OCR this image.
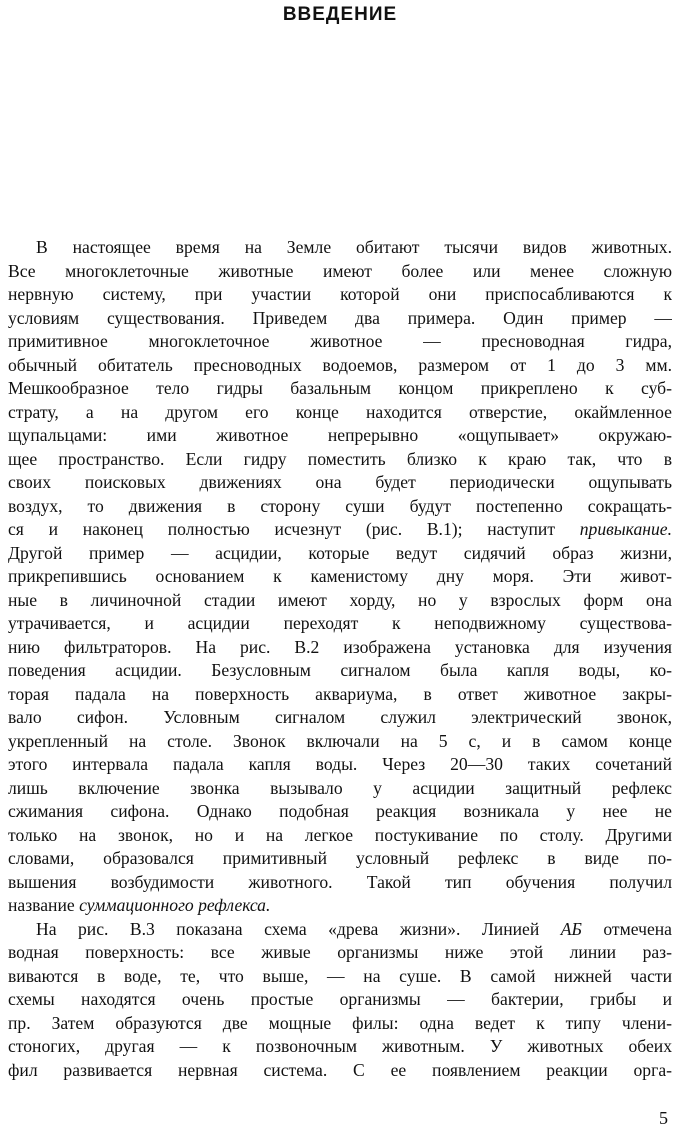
ВВЕДЕНИЕ
В настоящее время на Земле обитают тысячи видов животных.
Все многоклеточные животные имеют более или менее сложную
нервную систему, при участии которой они приспосабливаются к
условиям существования. Приведем два примера. Один пример —
примитивное многоклеточное животное — пресноводная гидра,
обычный обитатель пресноводных водоемов, размером от 1 до 3 мм.
Мешкообразное тело гидры базальным концом прикреплено к суб-
страту, а на другом его конце находится отверстие, окаймленное
щупальцами: ими животное непрерывно «ощупывает» окружаю-
щее пространство. Если гидру поместить близко к краю так, что в
своих поисковых движениях она будет периодически ощупывать
воздух, то движения в сторону суши будут постепенно сокращать-
ся и наконец полностью исчезнут (рис. В.1); наступит привыкание.
Другой пример — асцидии, которые ведут сидячий образ жизни,
прикрепившись основанием к каменистому дну моря. Эти живот-
ные в личиночной стадии имеют хорду, но у взрослых форм она
утрачивается, и асцидии переходят к неподвижному существова-
нию фильтраторов. На рис. В.2 изображена установка для изучения
поведения асцидии. Безусловным сигналом была капля воды, ко-
торая падала на поверхность аквариума, в ответ животное закры-
вало сифон. Условным сигналом служил электрический звонок,
укрепленный на столе. Звонок включали на 5 с, и в самом конце
этого интервала падала капля воды. Через 20—30 таких сочетаний
лишь включение звонка вызывало у асцидии защитный рефлекс
сжимания сифона. Однако подобная реакция возникала у нее не
только на звонок, но и на легкое постукивание по столу. Другими
словами, образовался примитивный условный рефлекс в виде по-
вышения возбудимости животного. Такой тип обучения получил
название суммационного рефлекса.
На рис. В.3 показана схема «древа жизни». Линией АБ отмечена
водная поверхность: все живые организмы ниже этой линии раз-
виваются в воде, те, что выше, — на суше. В самой нижней части
схемы находятся очень простые организмы — бактерии, грибы и
пр. Затем образуются две мощные филы: одна ведет к типу члени-
стоногих, другая — к позвоночным животным. У животных обеих
фил развивается нервная система. С ее появлением реакции орга-
5
